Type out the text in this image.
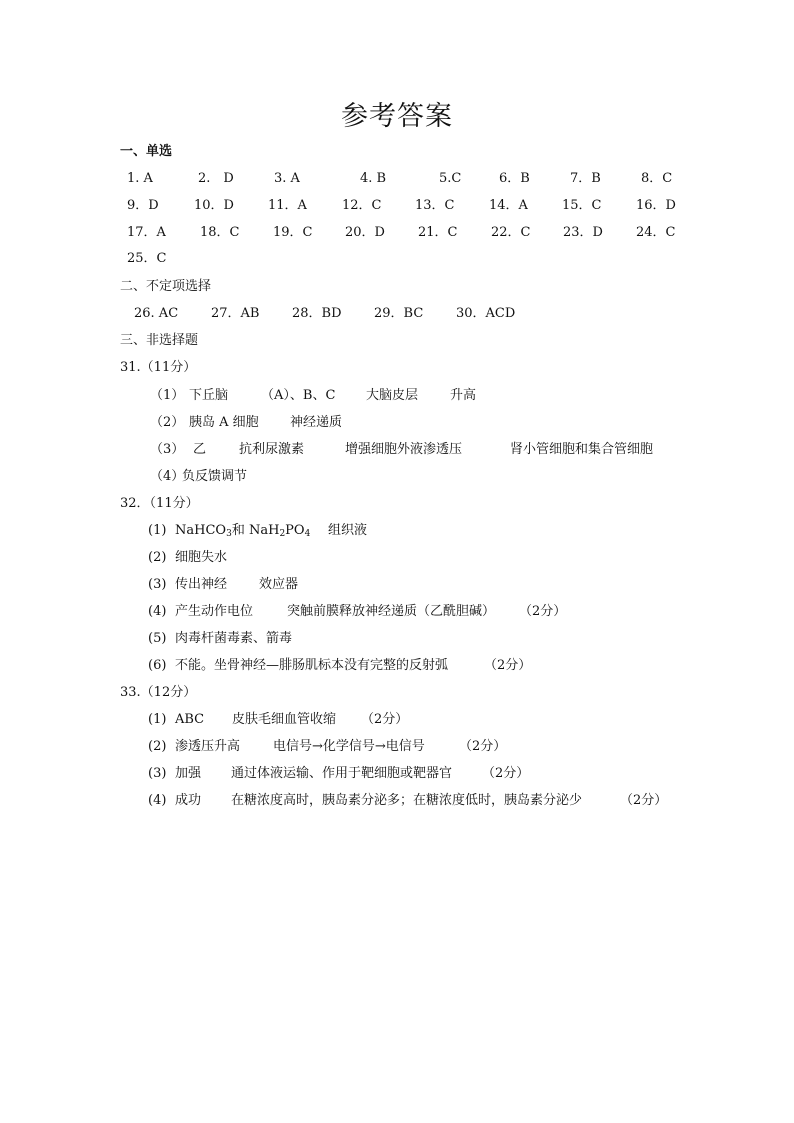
参考答案
一、单选
1. A	2.　D	3. A	4. B	5.C	6．B	7．B	8．C
9．D	10．D	11．A	12．C	13．C	14．A	15．C	16．D
17．A	18．C	19．C	20．D	21．C	22．C	23．D	24．C
25．C
二、不定项选择
26. AC	27．AB	28．BD 29．BC	30．ACD
三、非选择题
31.（11分）
（1） 下丘脑	（A）、B、C 大脑皮层 升高
（2） 胰岛 A 细胞 神经递质
（3） 乙	抗利尿激素	增强细胞外液渗透压	肾小管细胞和集合管细胞
（4）
负反馈调节
32．（11分）
(1) NaHCO$_3$和 $NaH_2PO_4$ 组织液
(2) 细胞失水
(3) 传出神经 效应器
(4) 产生动作电位	突触前膜释放神经递质（乙酰胆碱） （2分）
(5) 肉毒杆菌毒素、箭毒
(6) 不能。坐骨神经—腓肠肌标本没有完整的反射弧	（2分）
33.（12分）
(1) ABC 皮肤毛细血管收缩 （2分）
(2) 渗透压升高	电信号→化学信号→电信号	（2分）
(3) 加强 通过体液运输、作用于靶细胞或靶器官 （2分）
(4) 成功 在糖浓度高时，胰岛素分泌多；在糖浓度低时，胰岛素分泌少	（2分）
